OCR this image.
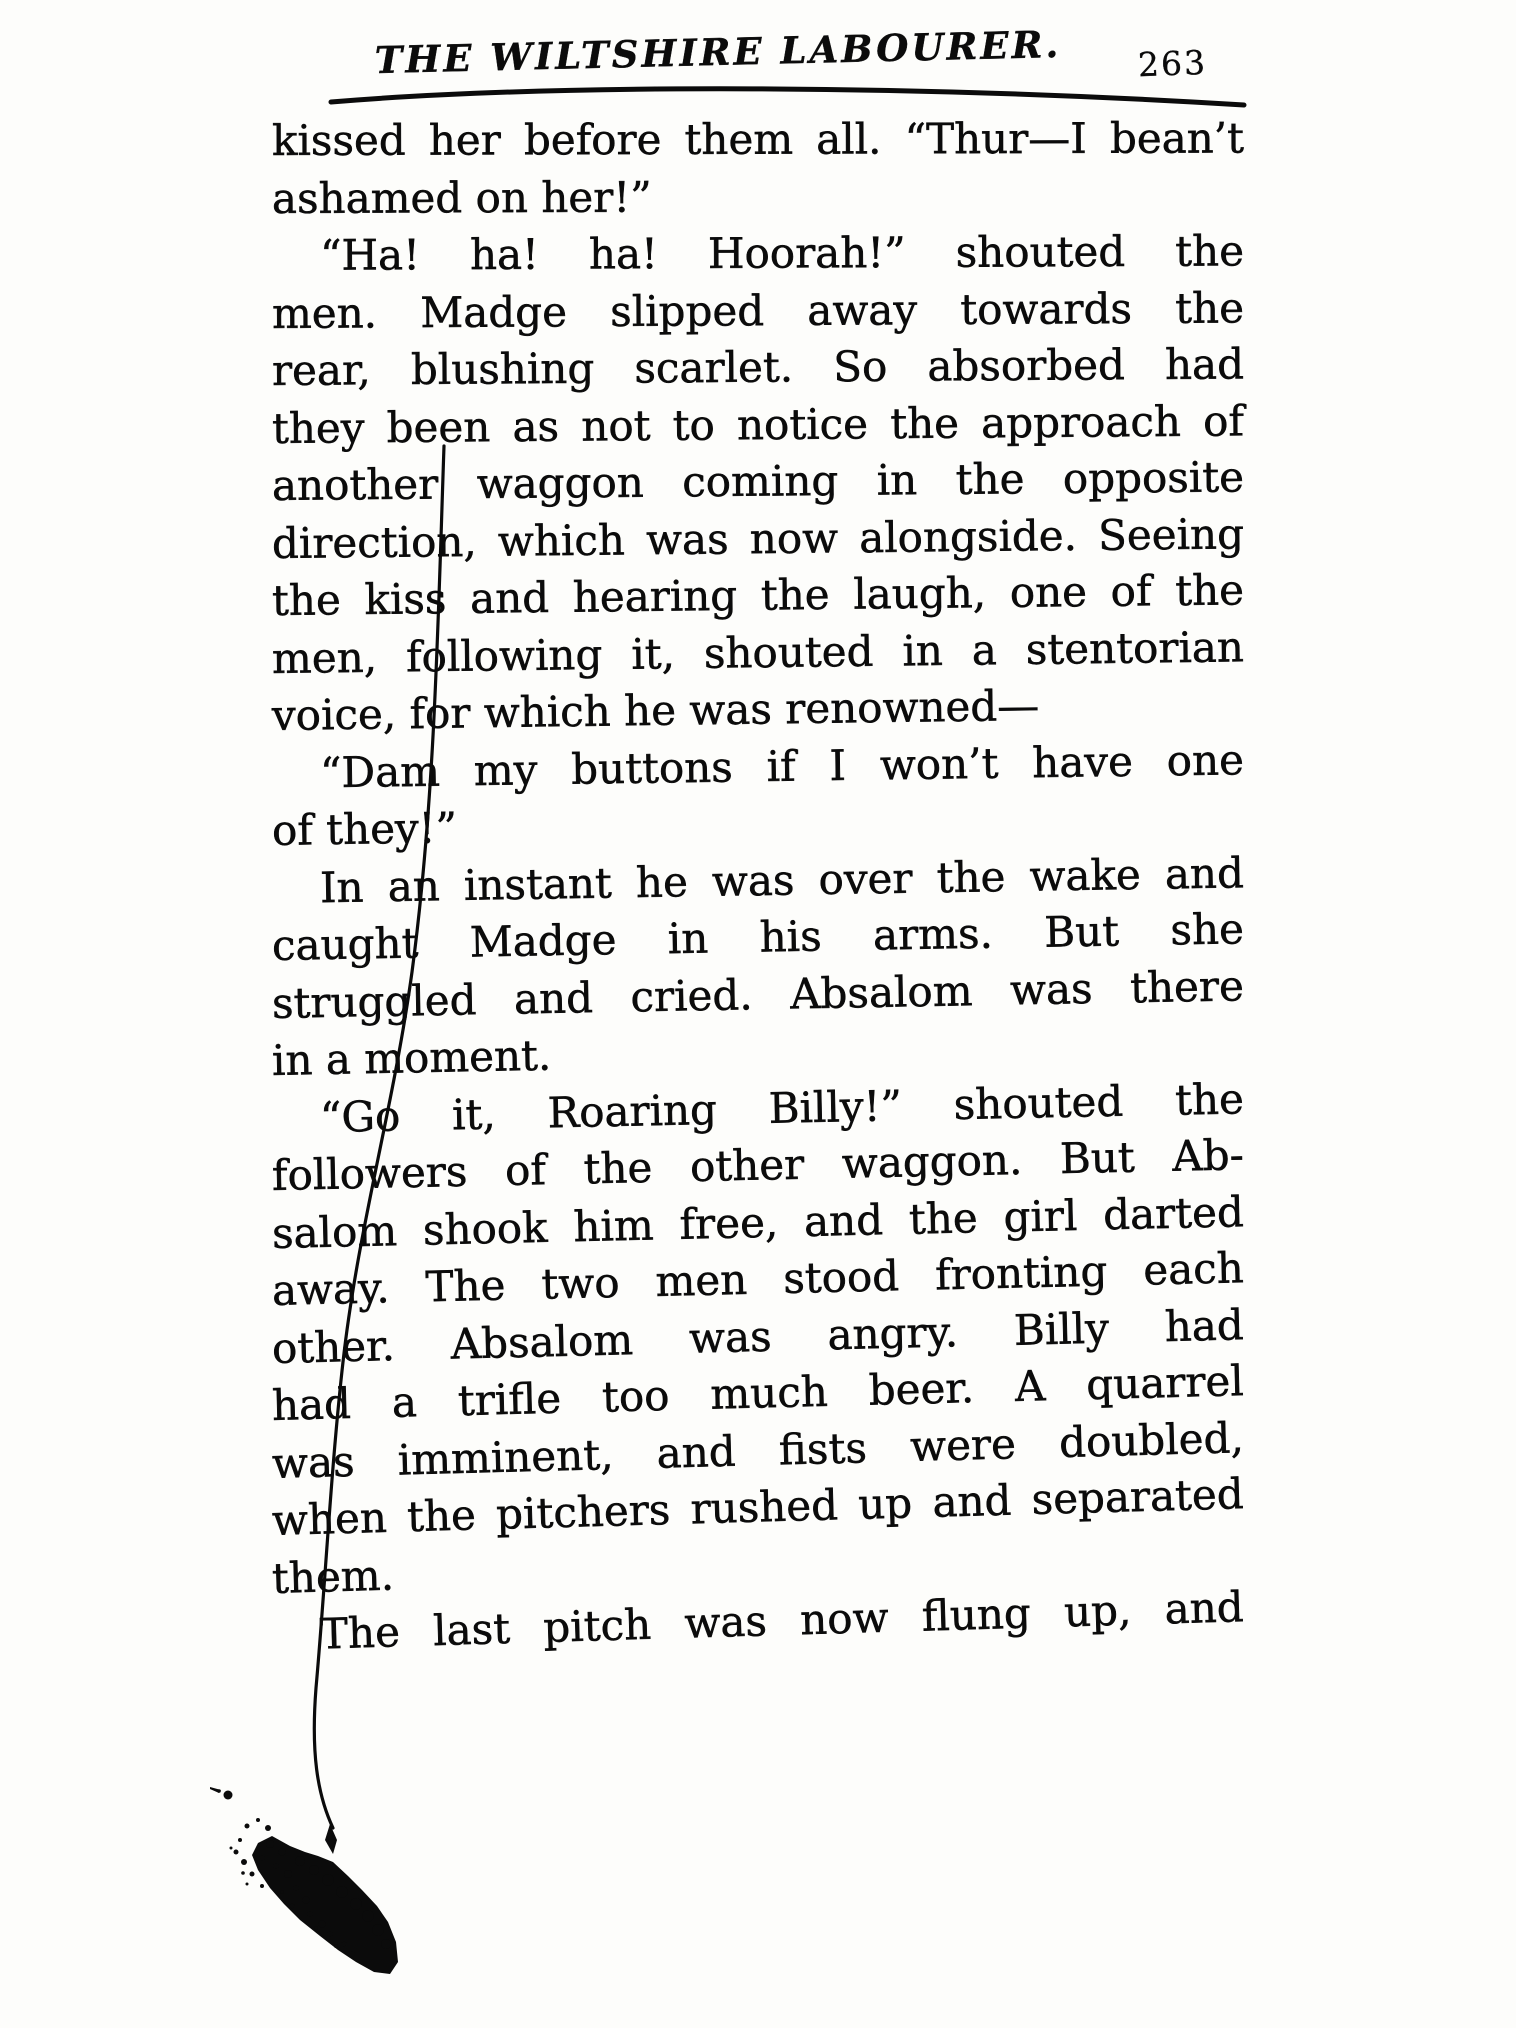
THE WILTSHIRE LABOURER. 263
kissed her before them all. “Thur—I bean’t
ashamed on her!”
“Ha! ha! ha! Hoorah!” shouted the
men. Madge slipped away towards the
rear, blushing scarlet. So absorbed had
they been as not to notice the approach of
another waggon coming in the opposite
direction, which was now alongside. Seeing
the kiss and hearing the laugh, one of the
men, following it, shouted in a stentorian
voice, for which he was renowned—
“Dam my buttons if I won’t have one
of they!”
In an instant he was over the wake and
caught Madge in his arms. But she
struggled and cried. Absalom was there
in a moment.
“Go it, Roaring Billy!” shouted the
followers of the other waggon. But Ab-
salom shook him free, and the girl darted
away. The two men stood fronting each
other. Absalom was angry. Billy had
had a trifle too much beer. A quarrel
was imminent, and fists were doubled,
when the pitchers rushed up and separated
them.
The last pitch was now flung up, and
